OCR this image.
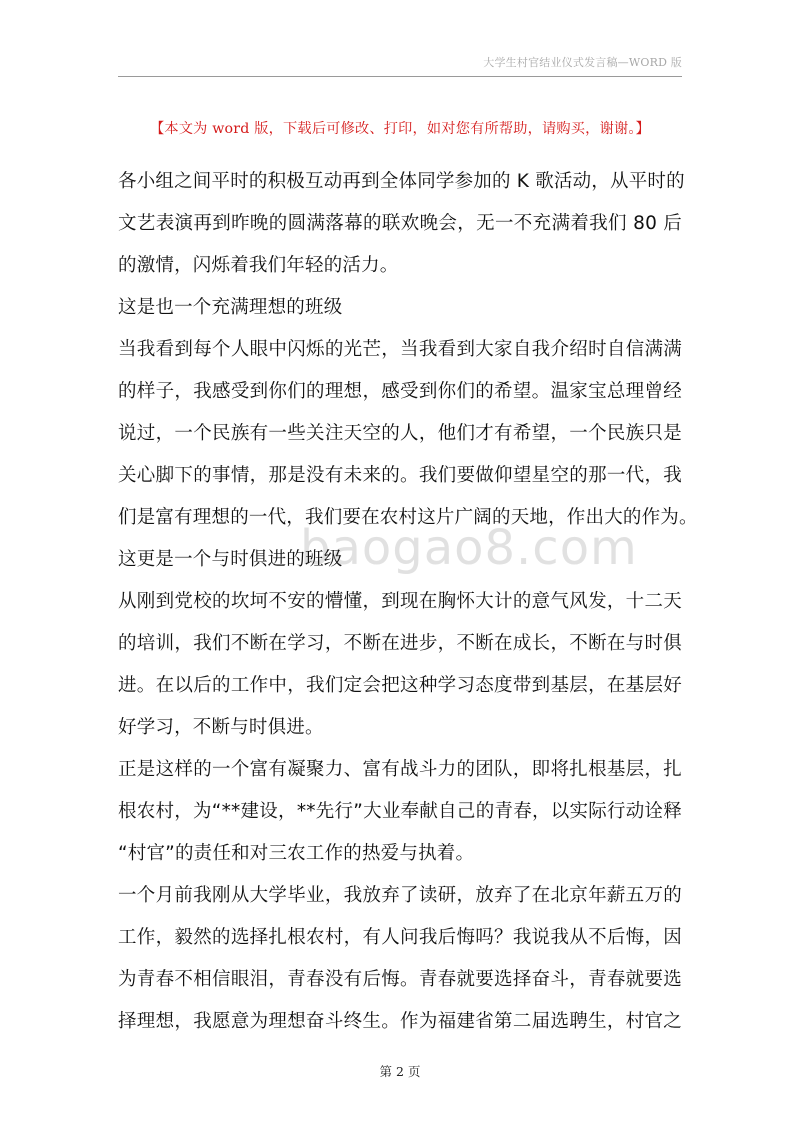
大学生村官结业仪式发言稿—WORD 版
【本文为 word 版，下载后可修改、打印，如对您有所帮助，请购买，谢谢。】
baogao8.com
各小组之间平时的积极互动再到全体同学参加的 K 歌活动，从平时的
文艺表演再到昨晚的圆满落幕的联欢晚会，无一不充满着我们 80 后
的激情，闪烁着我们年轻的活力。
这是也一个充满理想的班级
当我看到每个人眼中闪烁的光芒，当我看到大家自我介绍时自信满满
的样子，我感受到你们的理想，感受到你们的希望。温家宝总理曾经
说过，一个民族有一些关注天空的人，他们才有希望，一个民族只是
关心脚下的事情，那是没有未来的。我们要做仰望星空的那一代，我
们是富有理想的一代，我们要在农村这片广阔的天地，作出大的作为。
这更是一个与时俱进的班级
从刚到党校的坎坷不安的懵懂，到现在胸怀大计的意气风发，十二天
的培训，我们不断在学习，不断在进步，不断在成长，不断在与时俱
进。在以后的工作中，我们定会把这种学习态度带到基层，在基层好
好学习，不断与时俱进。
正是这样的一个富有凝聚力、富有战斗力的团队，即将扎根基层，扎
根农村，为“**建设，**先行”大业奉献自己的青春，以实际行动诠释
“村官”的责任和对三农工作的热爱与执着。
一个月前我刚从大学毕业，我放弃了读研，放弃了在北京年薪五万的
工作，毅然的选择扎根农村，有人问我后悔吗？我说我从不后悔，因
为青春不相信眼泪，青春没有后悔。青春就要选择奋斗，青春就要选
择理想，我愿意为理想奋斗终生。作为福建省第二届选聘生，村官之
第 2 页
